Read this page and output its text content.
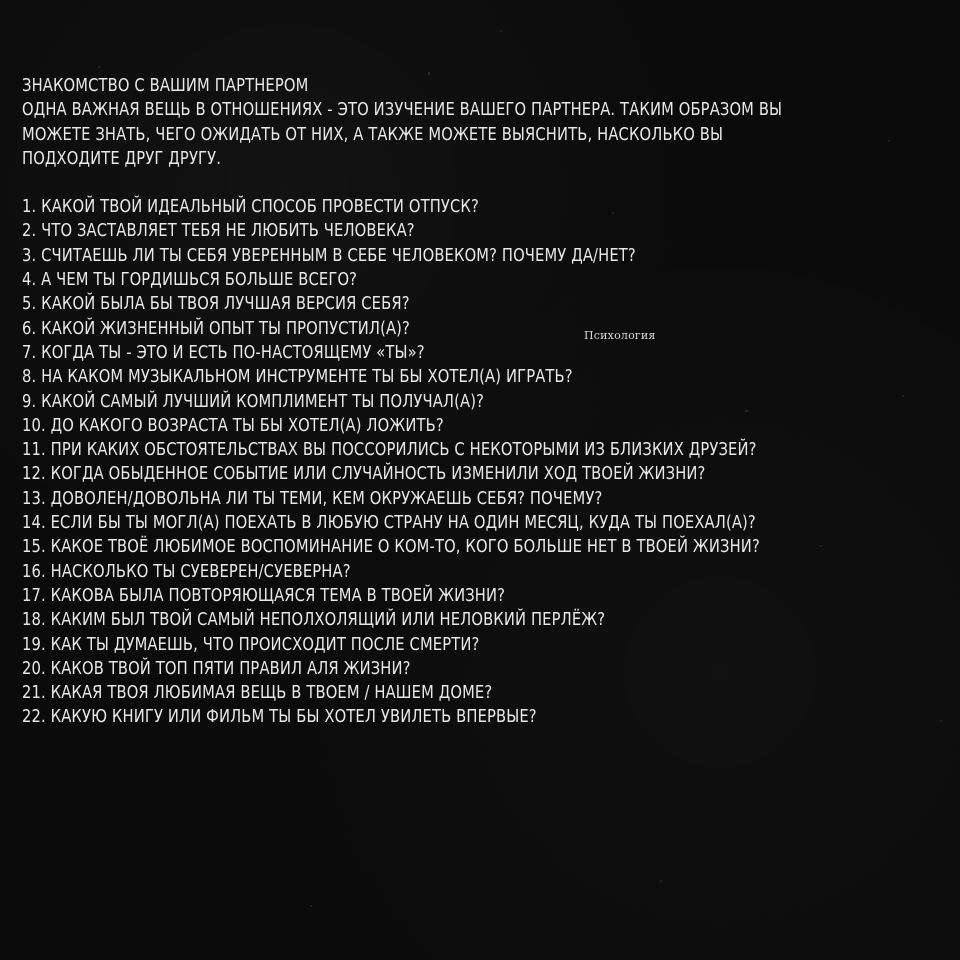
ЗНАКОМСТВО С ВАШИМ ПАРТНЕРОМ

ОДНА ВАЖНАЯ ВЕЩЬ В ОТНОШЕНИЯХ - ЭТО ИЗУЧЕНИЕ ВАШЕГО ПАРТНЕРА. ТАКИМ ОБРАЗОМ ВЫ

МОЖЕТЕ ЗНАТЬ, ЧЕГО ОЖИДАТЬ ОТ НИХ, А ТАКЖЕ МОЖЕТЕ ВЫЯСНИТЬ, НАСКОЛЬКО ВЫ

ПОДХОДИТЕ ДРУГ ДРУГУ.

1. КАКОЙ ТВОЙ ИДЕАЛЬНЫЙ СПОСОБ ПРОВЕСТИ ОТПУСК?
2. ЧТО ЗАСТАВЛЯЕТ ТЕБЯ НЕ ЛЮБИТЬ ЧЕЛОВЕКА?
3. СЧИТАЕШЬ ЛИ ТЫ СЕБЯ УВЕРЕННЫМ В СЕБЕ ЧЕЛОВЕКОМ? ПОЧЕМУ ДА/НЕТ?
4. А ЧЕМ ТЫ ГОРДИШЬСЯ БОЛЬШЕ ВСЕГО?
5. КАКОЙ БЫЛА БЫ ТВОЯ ЛУЧШАЯ ВЕРСИЯ СЕБЯ?
6. КАКОЙ ЖИЗНЕННЫЙ ОПЫТ ТЫ ПРОПУСТИЛ(А)?
7. КОГДА ТЫ - ЭТО И ЕСТЬ ПО-НАСТОЯЩЕМУ «ТЫ»?
8. НА КАКОМ МУЗЫКАЛЬНОМ ИНСТРУМЕНТЕ ТЫ БЫ ХОТЕЛ(А) ИГРАТЬ?
9. КАКОЙ САМЫЙ ЛУЧШИЙ КОМПЛИМЕНТ ТЫ ПОЛУЧАЛ(А)?
10. ДО КАКОГО ВОЗРАСТА ТЫ БЫ ХОТЕЛ(А) ЛОЖИТЬ?
11. ПРИ КАКИХ ОБСТОЯТЕЛЬСТВАХ ВЫ ПОССОРИЛИСЬ С НЕКОТОРЫМИ ИЗ БЛИЗКИХ ДРУЗЕЙ?
12. КОГДА ОБЫДЕННОЕ СОБЫТИЕ ИЛИ СЛУЧАЙНОСТЬ ИЗМЕНИЛИ ХОД ТВОЕЙ ЖИЗНИ?
13. ДОВОЛЕН/ДОВОЛЬНА ЛИ ТЫ ТЕМИ, КЕМ ОКРУЖАЕШЬ СЕБЯ? ПОЧЕМУ?
14. ЕСЛИ БЫ ТЫ МОГЛ(А) ПОЕХАТЬ В ЛЮБУЮ СТРАНУ НА ОДИН МЕСЯЦ, КУДА ТЫ ПОЕХАЛ(А)?
15. КАКОЕ ТВОЁ ЛЮБИМОЕ ВОСПОМИНАНИЕ О КОМ-ТО, КОГО БОЛЬШЕ НЕТ В ТВОЕЙ ЖИЗНИ?
16. НАСКОЛЬКО ТЫ СУЕВЕРЕН/СУЕВЕРНА?
17. КАКОВА БЫЛА ПОВТОРЯЮЩАЯСЯ ТЕМА В ТВОЕЙ ЖИЗНИ?
18. КАКИМ БЫЛ ТВОЙ САМЫЙ НЕПОЛХОЛЯЩИЙ ИЛИ НЕЛОВКИЙ ПЕРЛЁЖ?
19. КАК ТЫ ДУМАЕШЬ, ЧТО ПРОИСХОДИТ ПОСЛЕ СМЕРТИ?
20. КАКОВ ТВОЙ ТОП ПЯТИ ПРАВИЛ АЛЯ ЖИЗНИ?
21. КАКАЯ ТВОЯ ЛЮБИМАЯ ВЕЩЬ В ТВОЕМ / НАШЕМ ДОМЕ?
22. КАКУЮ КНИГУ ИЛИ ФИЛЬМ ТЫ БЫ ХОТЕЛ УВИЛЕТЬ ВПЕРВЫЕ?
Психология
